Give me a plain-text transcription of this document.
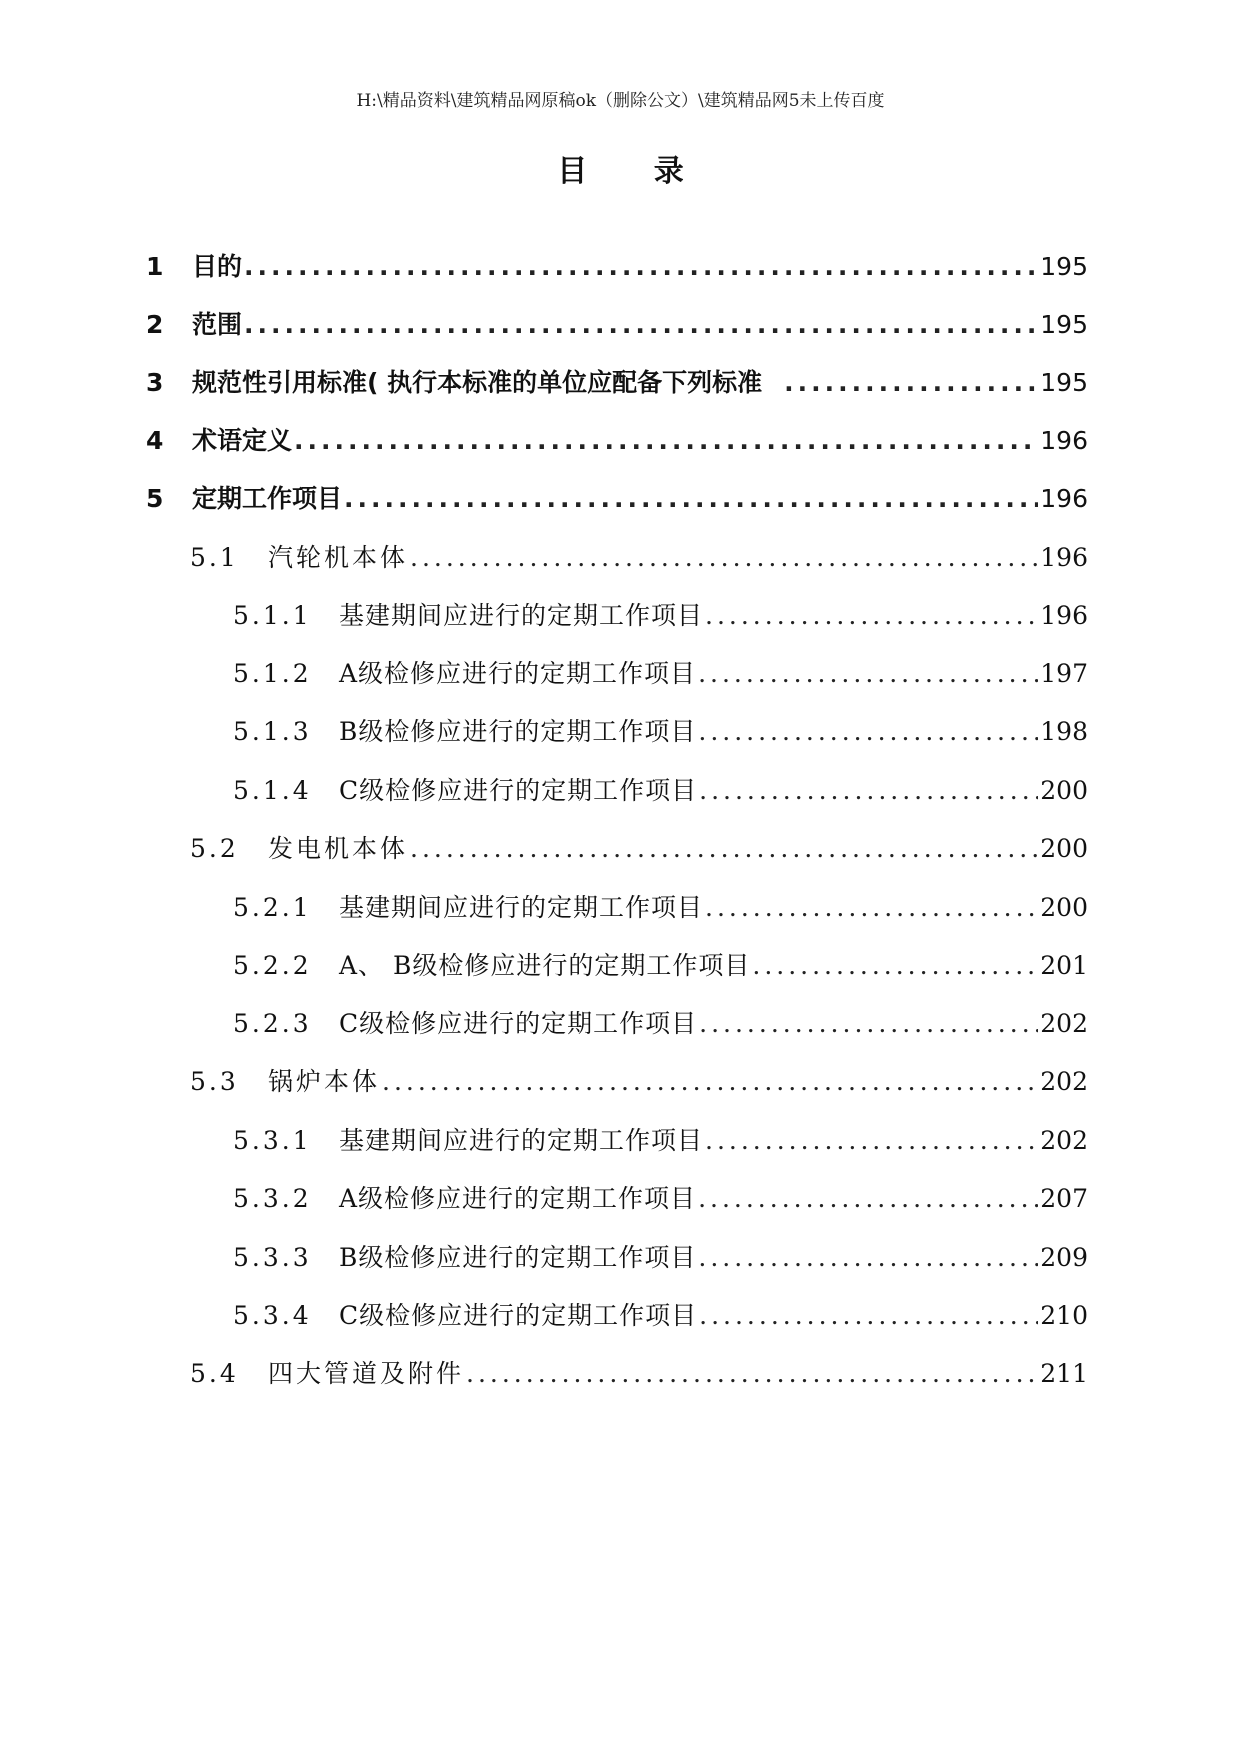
H:\精品资料\建筑精品网原稿ok（删除公文）\建筑精品网5未上传百度
目 录
1	目的 .....	195
2	范围 .....	195
3	规范性引用标准( 执行本标准的单位应配备下列标准 .....	195
4	术语定义 .....	196
5	定期工作项目 .....	196
5.1	汽轮机本体 .....	196
5.1.1	基建期间应进行的定期工作项目 .....	196
5.1.2	A级检修应进行的定期工作项目 .....	197
5.1.3	B级检修应进行的定期工作项目 .....	198
5.1.4	C级检修应进行的定期工作项目 .....	200
5.2	发电机本体 .....	200
5.2.1	基建期间应进行的定期工作项目 .....	200
5.2.2	A、 B级检修应进行的定期工作项目 .....	201
5.2.3	C级检修应进行的定期工作项目 .....	202
5.3	锅炉本体 .....	202
5.3.1	基建期间应进行的定期工作项目 .....	202
5.3.2	A级检修应进行的定期工作项目 .....	207
5.3.3	B级检修应进行的定期工作项目 .....	209
5.3.4	C级检修应进行的定期工作项目 .....	210
5.4	四大管道及附件 .....	211
